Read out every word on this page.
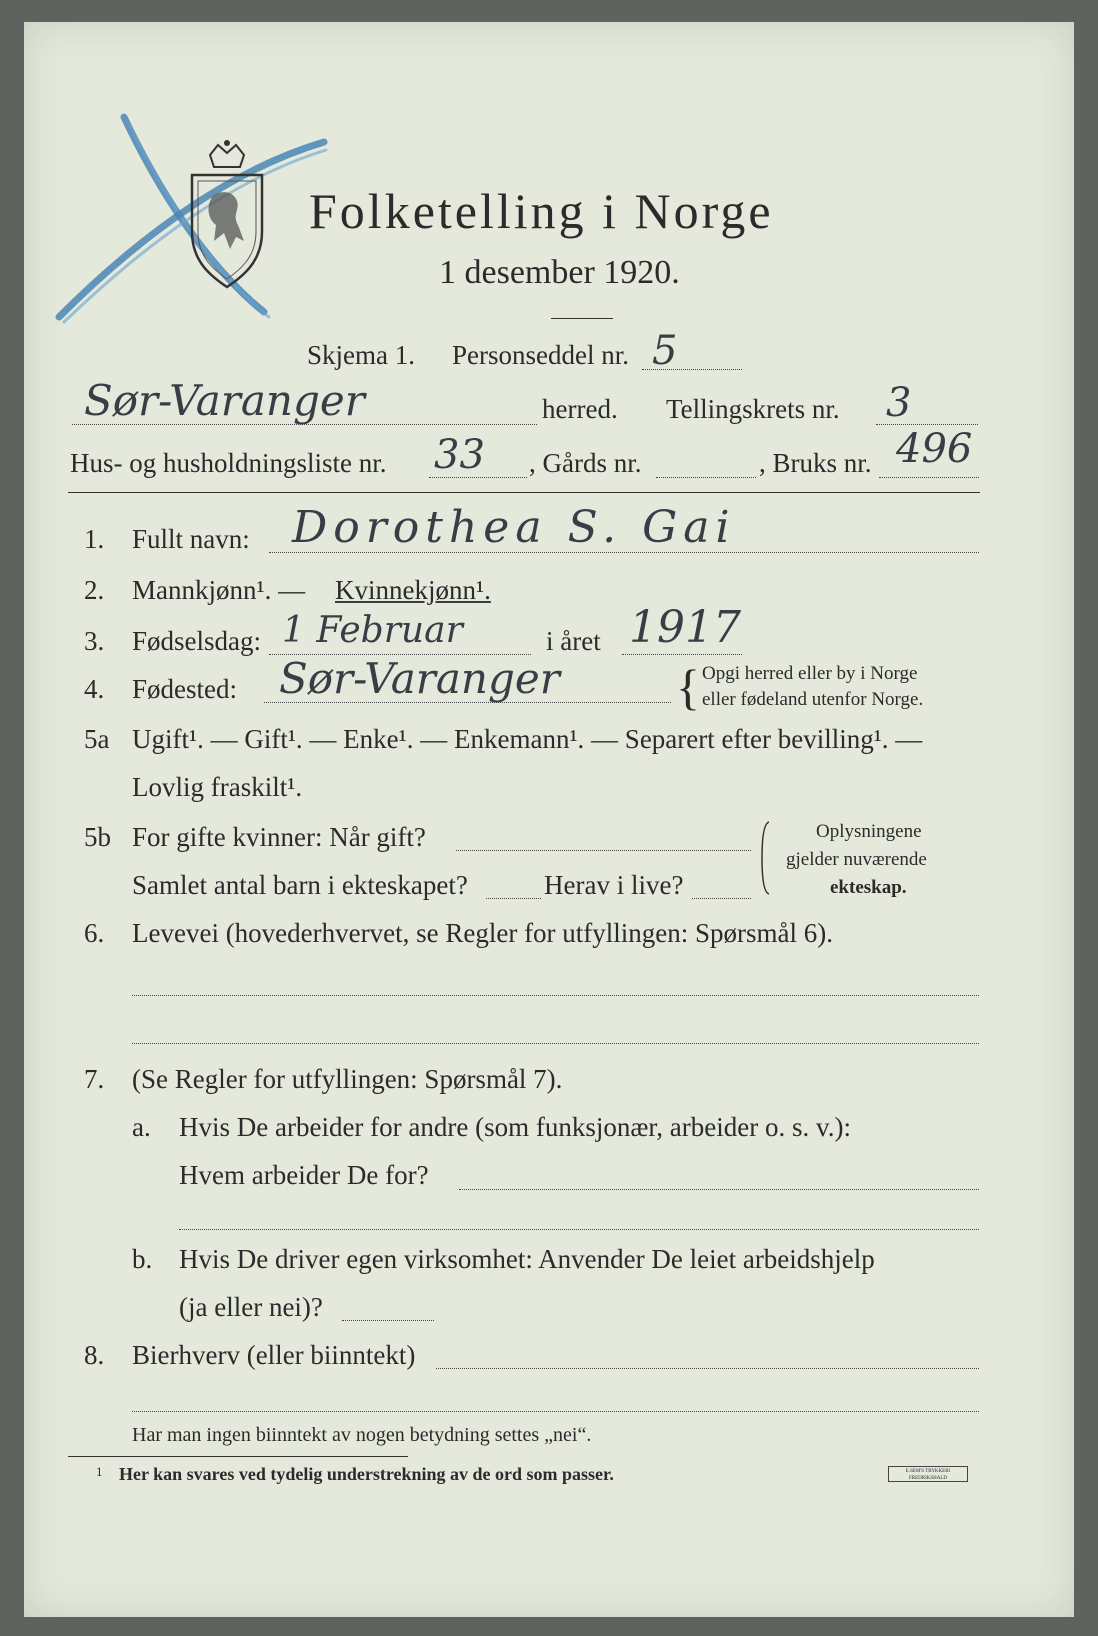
Folketelling i Norge
1 desember 1920.
Skjema 1. Personseddel nr. 5
Sør-Varanger	herred. Tellingskrets nr. 3
Hus- og husholdningsliste nr. 33 , Gårds nr.	, Bruks nr. 496
1. Fullt navn: Dorothea S. Gai
2. Mannkjønn¹. — Kvinnekjønn¹.
3. Fødselsdag: 1 Februar	i året 1917
4. Fødested: Sør-Varanger { Opgi herred eller by i Norge
eller fødeland utenfor Norge.
5a Ugift¹. — Gift¹. — Enke¹. — Enkemann¹. — Separert efter bevilling¹. —
Lovlig fraskilt¹.
5b For gifte kvinner: Når gift?
Samlet antal barn i ekteskapet?	Herav i live?
Oplysningene
gjelder nuværende
ekteskap.
6. Levevei (hovederhvervet, se Regler for utfyllingen: Spørsmål 6).
7. (Se Regler for utfyllingen: Spørsmål 7).
a. Hvis De arbeider for andre (som funksjonær, arbeider o. s. v.):
Hvem arbeider De for?
b. Hvis De driver egen virksomhet: Anvender De leiet arbeidshjelp
(ja eller nei)?
8. Bierhverv (eller biinntekt)
Har man ingen biinntekt av nogen betydning settes „nei“.
1 Her kan svares ved tydelig understrekning av de ord som passer.	E.SEM'S TRYKKERI FREDRIKSHALD
